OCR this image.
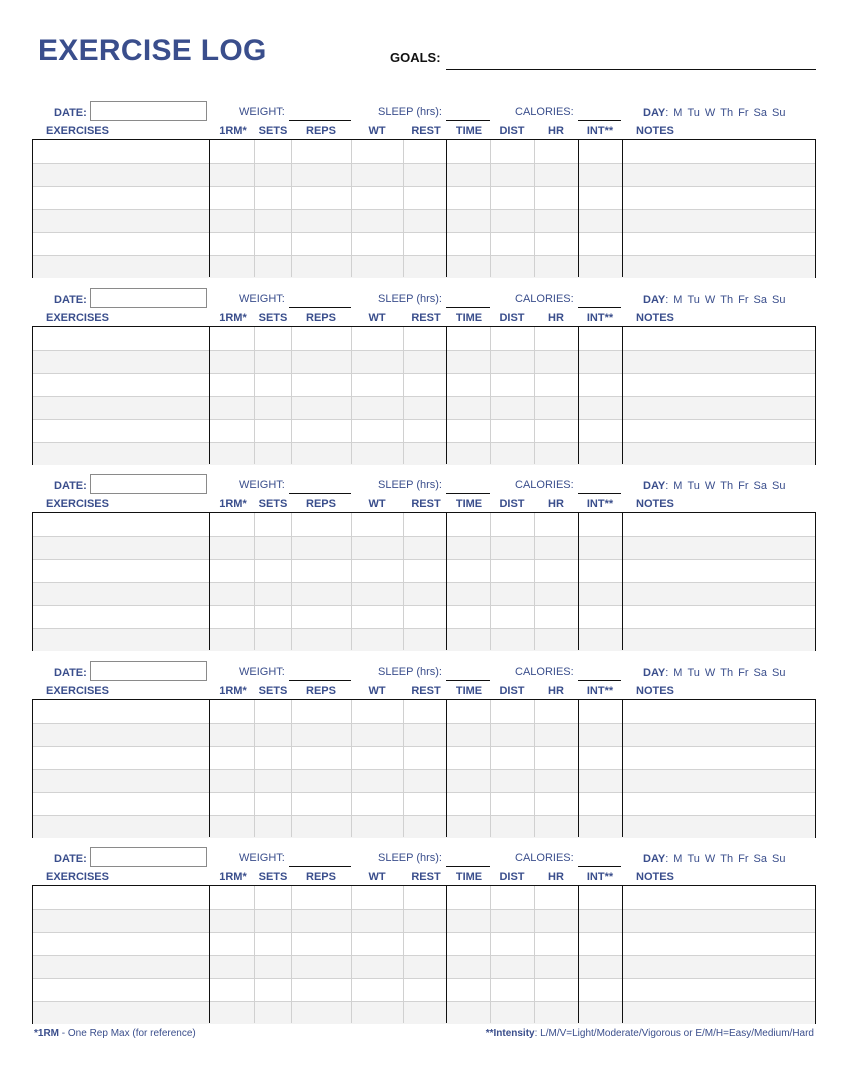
EXERCISE LOG	GOALS:
DATE:	WEIGHT:	SLEEP (hrs):	CALORIES:	DAY: M Tu W Th Fr Sa Su
EXERCISES	1RM* SETS REPS	WT REST TIME DIST HR INT** NOTES
DATE:	WEIGHT:	SLEEP (hrs):	CALORIES:	DAY: M Tu W Th Fr Sa Su
EXERCISES	1RM* SETS REPS	WT REST TIME DIST HR INT** NOTES
DATE:	WEIGHT:	SLEEP (hrs):	CALORIES:	DAY: M Tu W Th Fr Sa Su
EXERCISES	1RM* SETS REPS	WT REST TIME DIST HR INT** NOTES
DATE:	WEIGHT:	SLEEP (hrs):	CALORIES:	DAY: M Tu W Th Fr Sa Su
EXERCISES	1RM* SETS REPS	WT REST TIME DIST HR INT** NOTES
DATE:	WEIGHT:	SLEEP (hrs):	CALORIES:	DAY: M Tu W Th Fr Sa Su
EXERCISES	1RM* SETS REPS	WT REST TIME DIST HR INT** NOTES
*1RM - One Rep Max (for reference)	**Intensity: L/M/V=Light/Moderate/Vigorous or E/M/H=Easy/Medium/Hard
